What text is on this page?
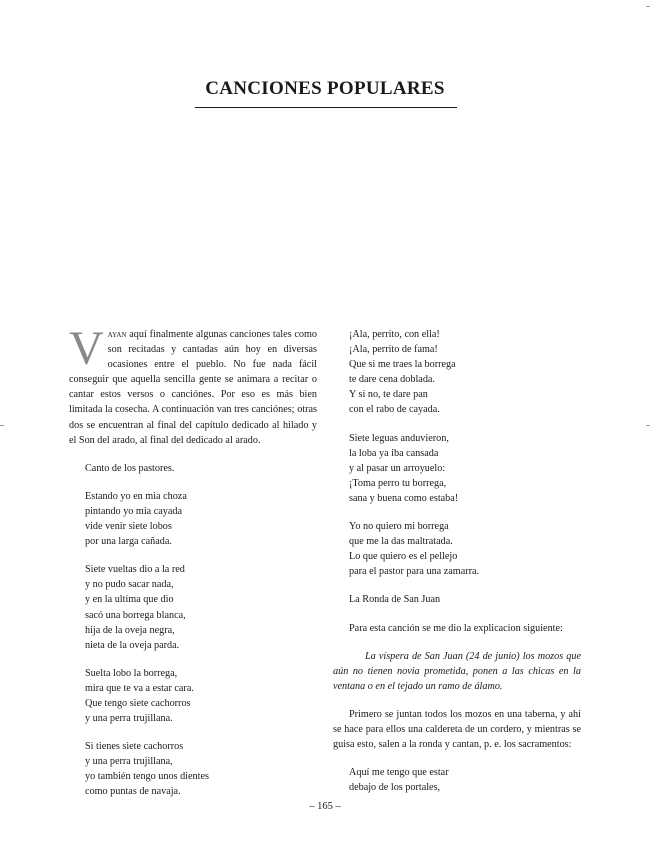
CANCIONES POPULARES

Vayan aquí finalmente algunas canciones tales como son recitadas y cantadas aún hoy en diversas ocasiones entre el pueblo. No fue nada fácil conseguir que aquella sencilla gente se animara a recitar o cantar estos versos o canciónes. Por eso es más bien limitada la cosecha. A continuación van tres canciónes; otras dos se encuentran al final del capítulo dedicado al hilado y el Son del arado, al final del dedicado al arado.

Canto de los pastores.
Estando yo en mia choza
pintando yo mia cayada
vide venir siete lobos
por una larga cañada.
Siete vueltas dio a la red
y no pudo sacar nada,
y en la ultima que dio
sacó una borrega blanca,
hija de la oveja negra,
nieta de la oveja parda.
Suelta lobo la borrega,
mira que te va a estar cara.
Que tengo siete cachorros
y una perra trujillana.
Si tienes siete cachorros
y una perra trujillana,
yo también tengo unos dientes
como puntas de navaja.
¡Ala, perrito, con ella!
¡Ala, perrito de fama!
Que si me traes la borrega
te dare cena doblada.
Y si no, te dare pan
con el rabo de cayada.
Siete leguas anduvieron,
la loba ya iba cansada
y al pasar un arroyuelo:
¡Toma perro tu borrega,
sana y buena como estaba!
Yo no quiero mi borrega
que me la das maltratada.
Lo que quiero es el pellejo
para el pastor para una zamarra.
La Ronda de San Juan
Para esta canción se me dio la explicacion siguiente:

La víspera de San Juan (24 de junio) los mozos que aún no tienen novia prometida, ponen a las chicas en la ventana o en el tejado un ramo de álamo.

Primero se juntan todos los mozos en una taberna, y ahi se hace para ellos una caldereta de un cordero, y mientras se guisa esto, salen a la ronda y cantan, p. e. los sacramentos:

Aquí me tengo que estar
debajo de los portales,
– 165 –
